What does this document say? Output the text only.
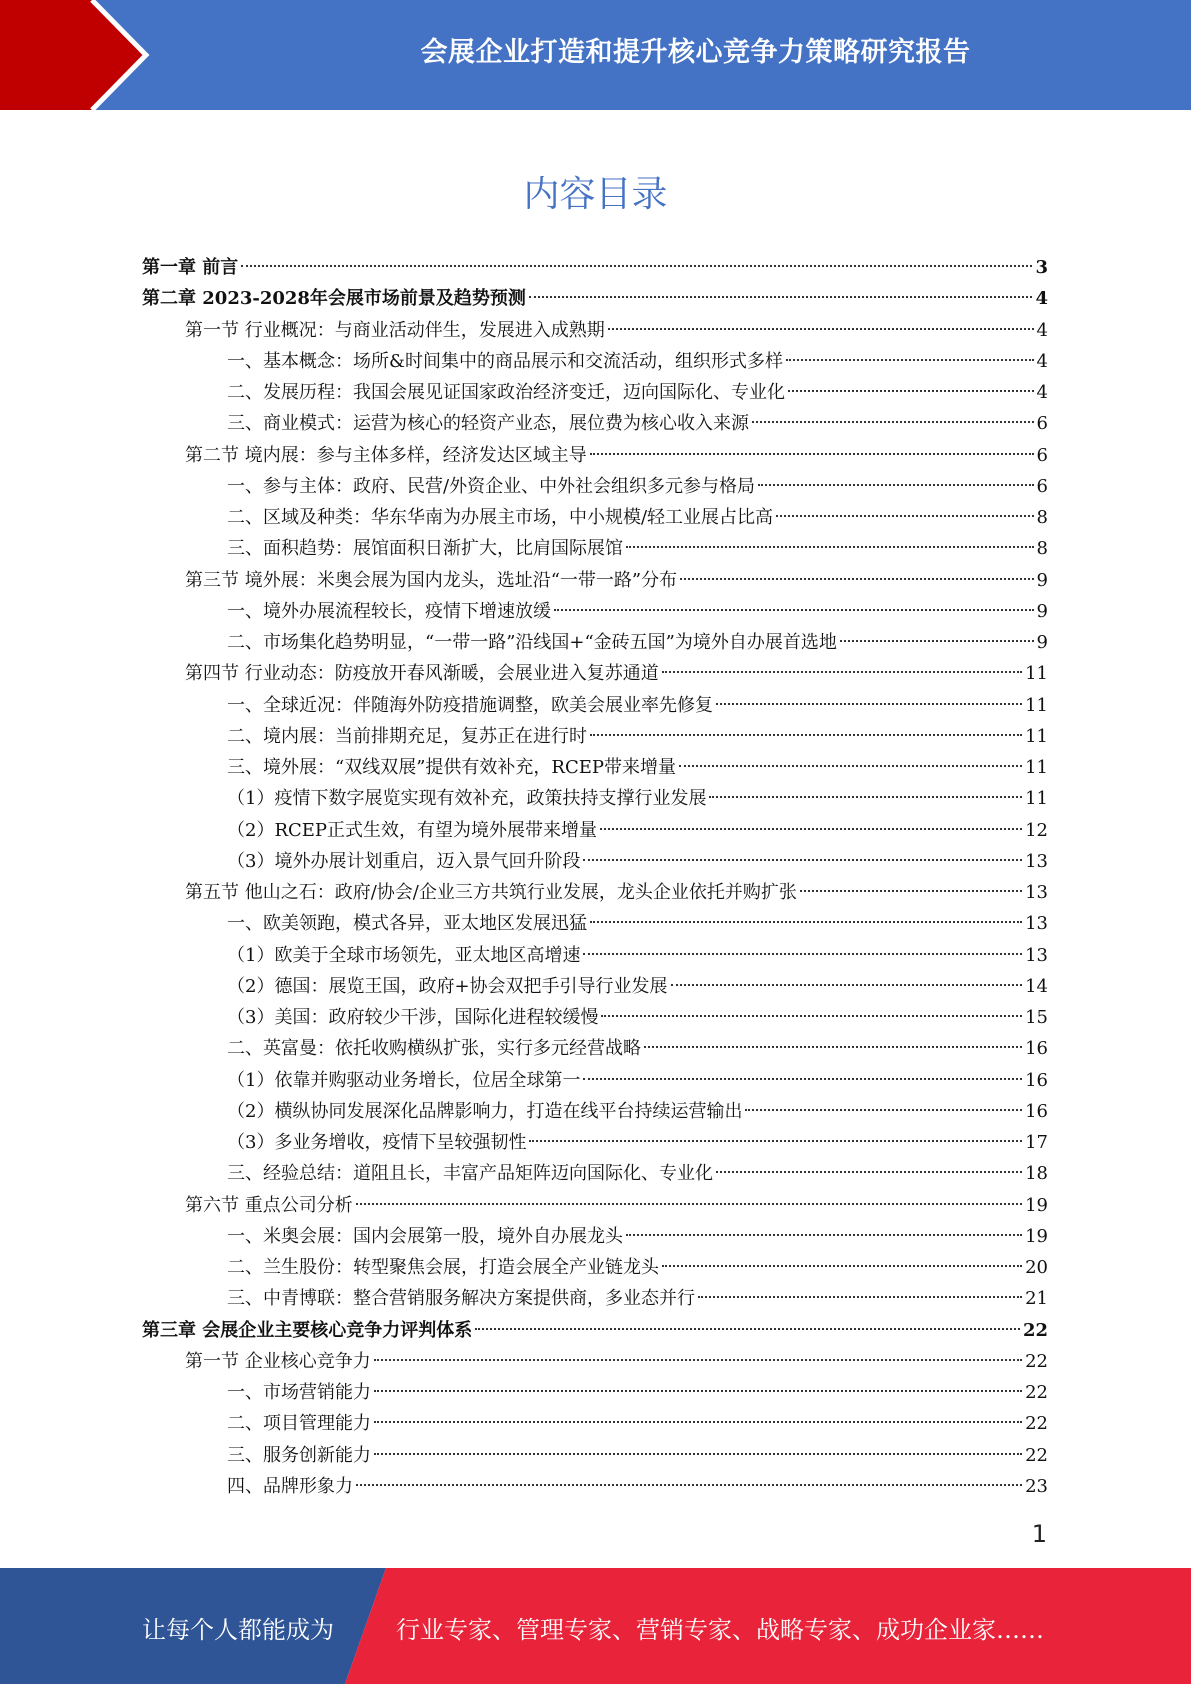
会展企业打造和提升核心竞争力策略研究报告
内容目录
第一章 前言	3
第二章 2023-2028年会展市场前景及趋势预测	4
第一节 行业概况：与商业活动伴生，发展进入成熟期	4
一、基本概念：场所&时间集中的商品展示和交流活动，组织形式多样	4
二、发展历程：我国会展见证国家政治经济变迁，迈向国际化、专业化	4
三、商业模式：运营为核心的轻资产业态，展位费为核心收入来源	6
第二节 境内展：参与主体多样，经济发达区域主导	6
一、参与主体：政府、民营/外资企业、中外社会组织多元参与格局	6
二、区域及种类：华东华南为办展主市场，中小规模/轻工业展占比高	8
三、面积趋势：展馆面积日渐扩大，比肩国际展馆	8
第三节 境外展：米奥会展为国内龙头，选址沿“一带一路”分布	9
一、境外办展流程较长，疫情下增速放缓	9
二、市场集化趋势明显，“一带一路”沿线国+“金砖五国”为境外自办展首选地	9
第四节 行业动态：防疫放开春风渐暖，会展业进入复苏通道	11
一、全球近况：伴随海外防疫措施调整，欧美会展业率先修复	11
二、境内展：当前排期充足，复苏正在进行时	11
三、境外展：“双线双展”提供有效补充，RCEP带来增量	11
（1）疫情下数字展览实现有效补充，政策扶持支撑行业发展	11
（2）RCEP正式生效，有望为境外展带来增量	12
（3）境外办展计划重启，迈入景气回升阶段	13
第五节 他山之石：政府/协会/企业三方共筑行业发展，龙头企业依托并购扩张	13
一、欧美领跑，模式各异，亚太地区发展迅猛	13
（1）欧美于全球市场领先，亚太地区高增速	13
（2）德国：展览王国，政府+协会双把手引导行业发展	14
（3）美国：政府较少干涉，国际化进程较缓慢	15
二、英富曼：依托收购横纵扩张，实行多元经营战略	16
（1）依靠并购驱动业务增长，位居全球第一	16
（2）横纵协同发展深化品牌影响力，打造在线平台持续运营输出	16
（3）多业务增收，疫情下呈较强韧性	17
三、经验总结：道阻且长，丰富产品矩阵迈向国际化、专业化	18
第六节 重点公司分析	19
一、米奥会展：国内会展第一股，境外自办展龙头	19
二、兰生股份：转型聚焦会展，打造会展全产业链龙头	20
三、中青博联：整合营销服务解决方案提供商，多业态并行	21
第三章 会展企业主要核心竞争力评判体系	22
第一节 企业核心竞争力	22
一、市场营销能力	22
二、项目管理能力	22
三、服务创新能力	22
四、品牌形象力	23
1
让每个人都能成为	行业专家、管理专家、营销专家、战略专家、成功企业家……
